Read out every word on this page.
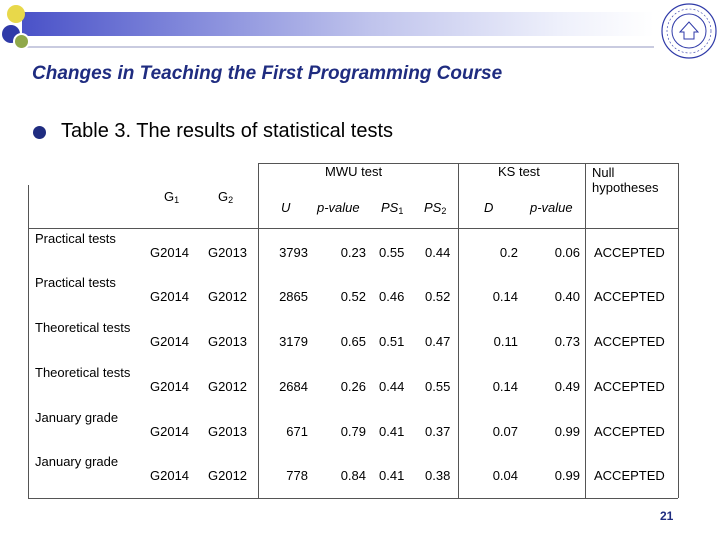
Changes in Teaching the First Programming Course
Table 3. The results of statistical tests
MWU test	KS test	Null
hypotheses
$G_1$	$G_2$	U p-value $PS_1$ $PS_2$	D	p-value
Practical tests
G2014 G2013	3793	0.23 0.55 0.44	0.2	0.06 ACCEPTED
Practical tests
G2014 G2012	2865	0.52 0.46 0.52	0.14	0.40 ACCEPTED
Theoretical tests
G2014 G2013	3179	0.65 0.51 0.47	0.11	0.73 ACCEPTED
Theoretical tests
G2014 G2012	2684	0.26 0.44 0.55	0.14	0.49 ACCEPTED
January grade
G2014 G2013	671	0.79 0.41 0.37	0.07	0.99 ACCEPTED
January grade
G2014 G2012	778	0.84 0.41 0.38	0.04	0.99 ACCEPTED
21
